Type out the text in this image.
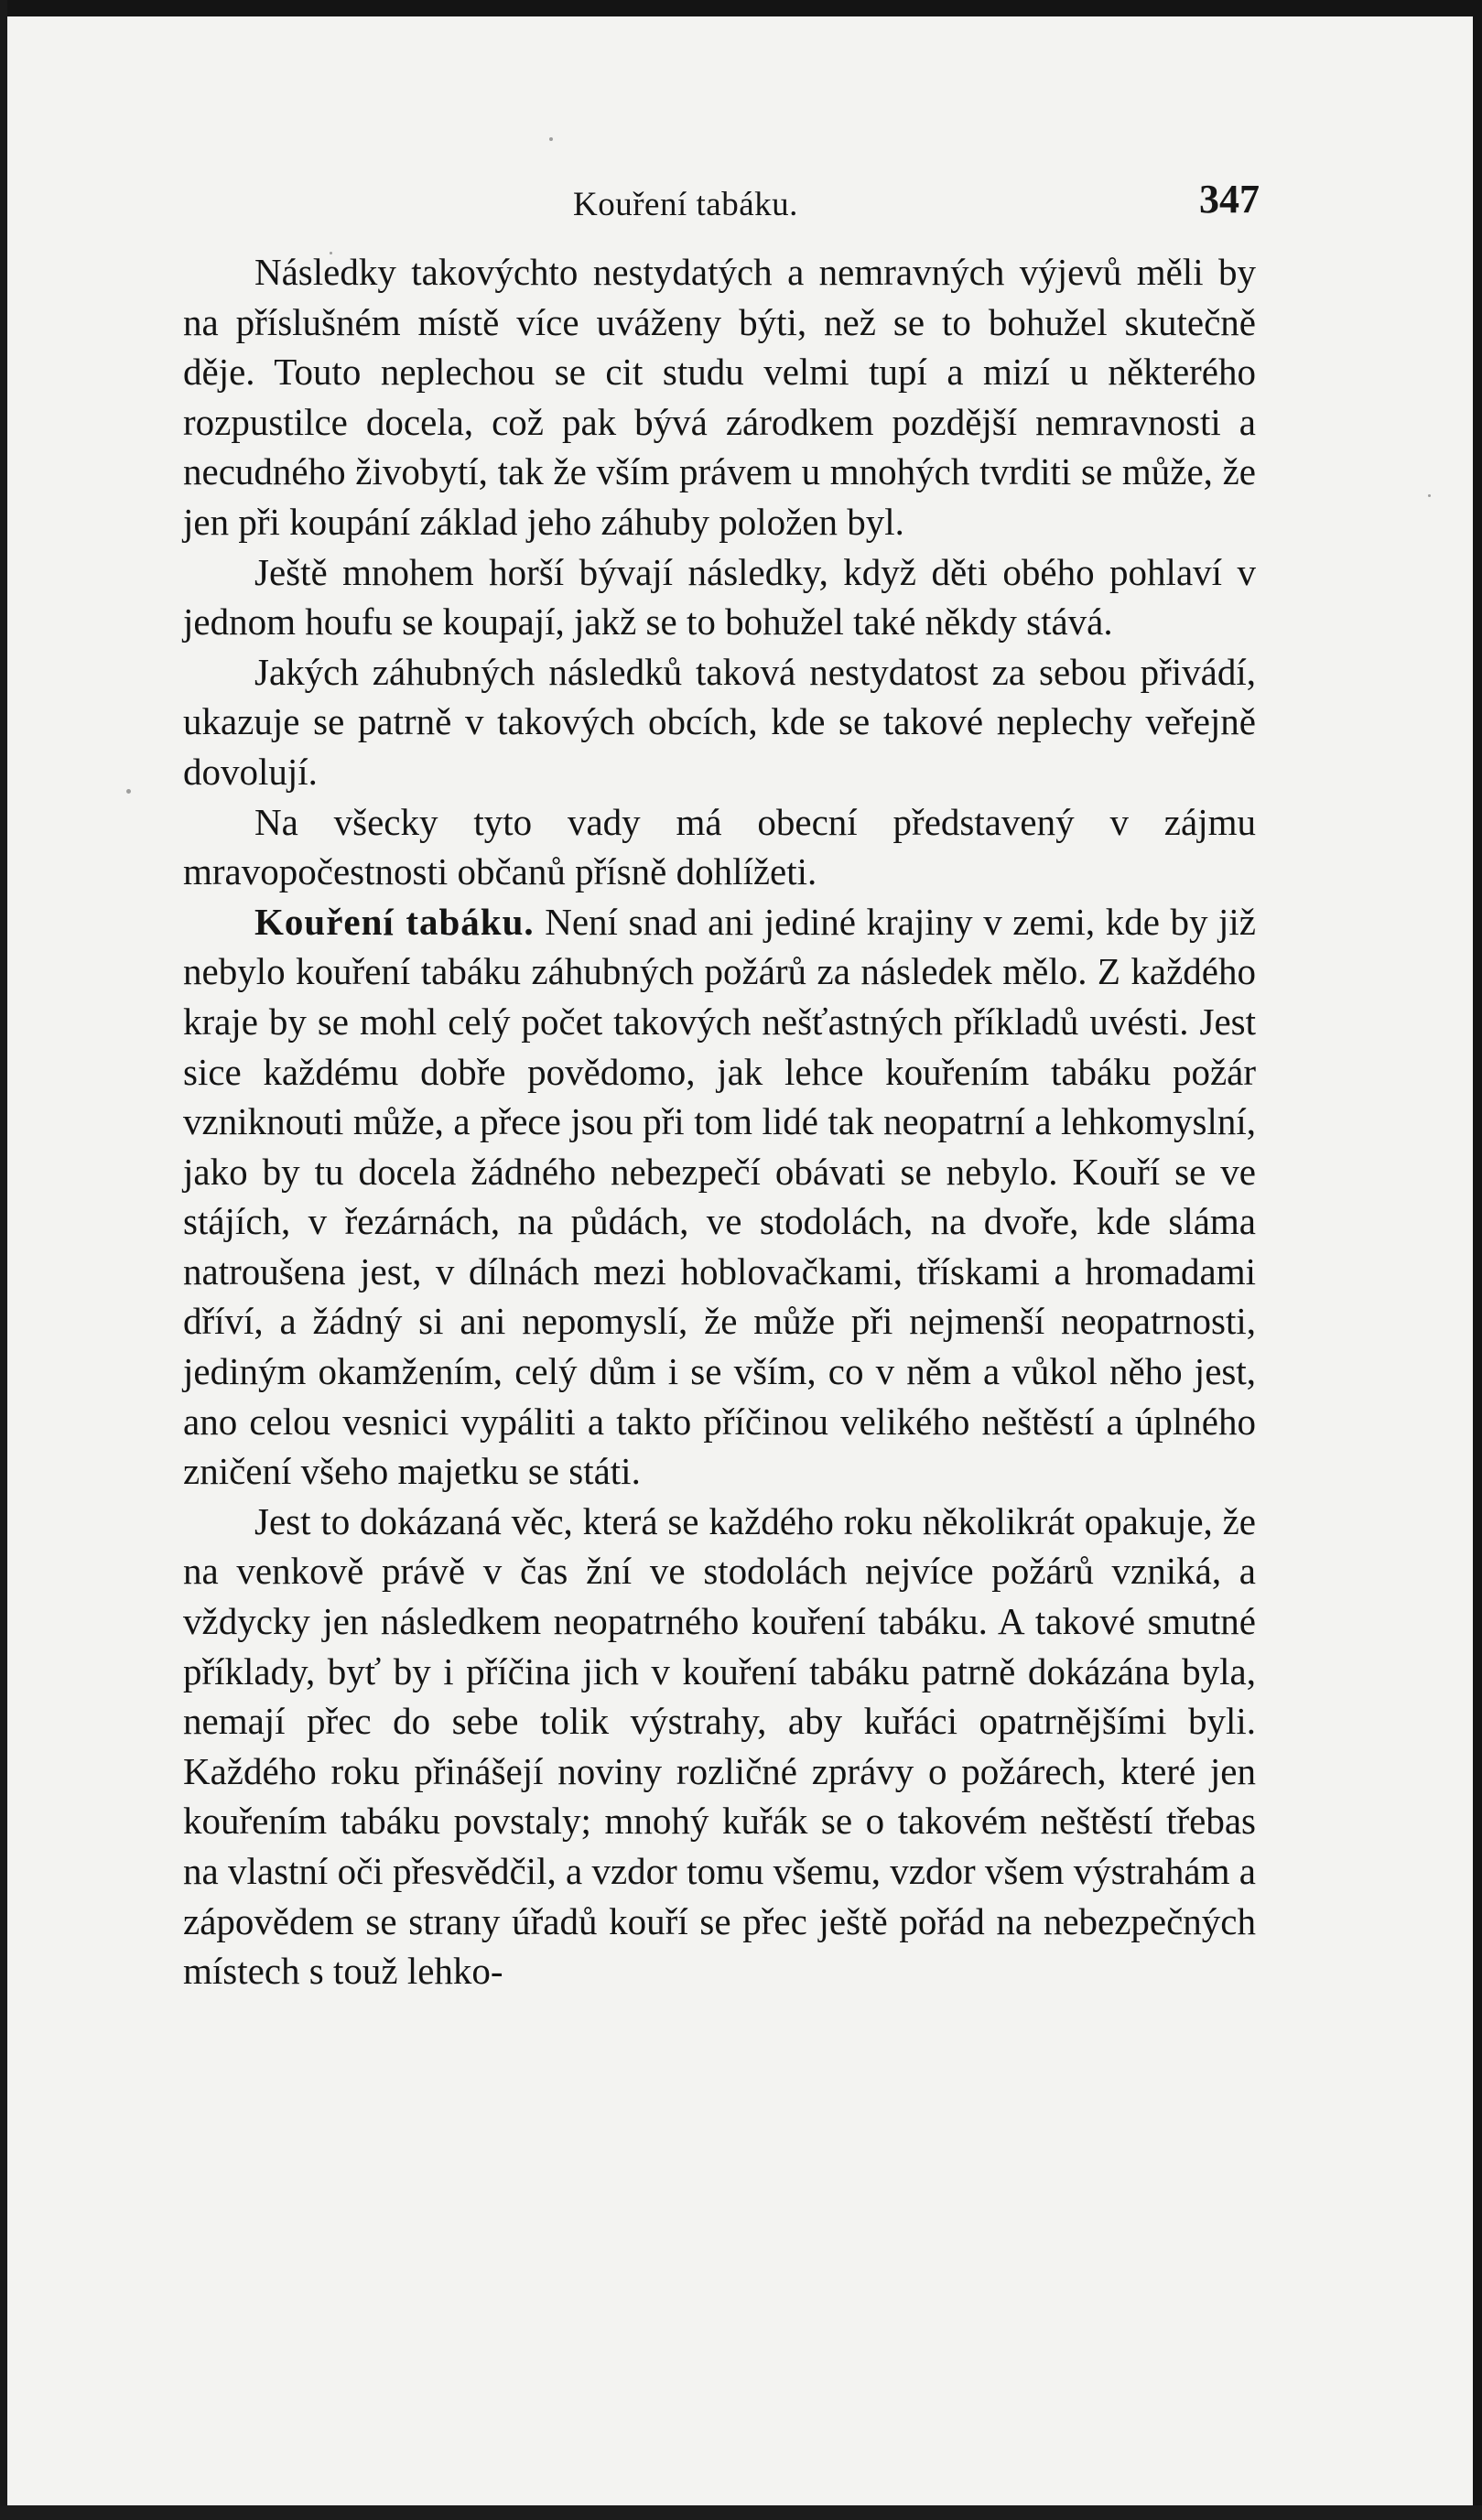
Kouření tabáku.	347

Následky takovýchto nestydatých a nemravných výjevů měli by na příslušném místě více uváženy býti, než se to bohužel skutečně děje. Touto neplechou se cit studu velmi tupí a mizí u některého rozpustilce docela, což pak bývá zárodkem pozdější nemravnosti a necudného živobytí, tak že vším právem u mnohých tvrditi se může, že jen při koupání základ jeho záhuby položen byl.

Ještě mnohem horší bývají následky, když děti obého pohlaví v jednom houfu se koupají, jakž se to bohužel také někdy stává.

Jakých záhubných následků taková nestydatost za sebou přivádí, ukazuje se patrně v takových obcích, kde se takové neplechy veřejně dovolují.

Na všecky tyto vady má obecní představený v zájmu mravopočestnosti občanů přísně dohlížeti.

Kouření tabáku. Není snad ani jediné krajiny v zemi, kde by již nebylo kouření tabáku záhubných požárů za následek mělo. Z každého kraje by se mohl celý počet takových nešťastných příkladů uvésti. Jest sice každému dobře povědomo, jak lehce kouřením tabáku požár vzniknouti může, a přece jsou při tom lidé tak neopatrní a lehkomyslní, jako by tu docela žádného nebezpečí obávati se nebylo. Kouří se ve stájích, v řezárnách, na půdách, ve stodolách, na dvoře, kde sláma natroušena jest, v dílnách mezi hoblovačkami, třískami a hromadami dříví, a žádný si ani nepomyslí, že může při nejmenší neopatrnosti, jediným okamžením, celý dům i se vším, co v něm a vůkol něho jest, ano celou vesnici vypáliti a takto příčinou velikého neštěstí a úplného zničení všeho majetku se státi.

Jest to dokázaná věc, která se každého roku několikrát opakuje, že na venkově právě v čas žní ve stodolách nejvíce požárů vzniká, a vždycky jen následkem neopatrného kouření tabáku. A takové smutné příklady, byť by i příčina jich v kouření tabáku patrně dokázána byla, nemají přec do sebe tolik výstrahy, aby kuřáci opatrnějšími byli. Každého roku přinášejí noviny rozličné zprávy o požárech, které jen kouřením tabáku povstaly; mnohý kuřák se o takovém neštěstí třebas na vlastní oči přesvědčil, a vzdor tomu všemu, vzdor všem výstrahám a zápovědem se strany úřadů kouří se přec ještě pořád na nebezpečných místech s touž lehko-
